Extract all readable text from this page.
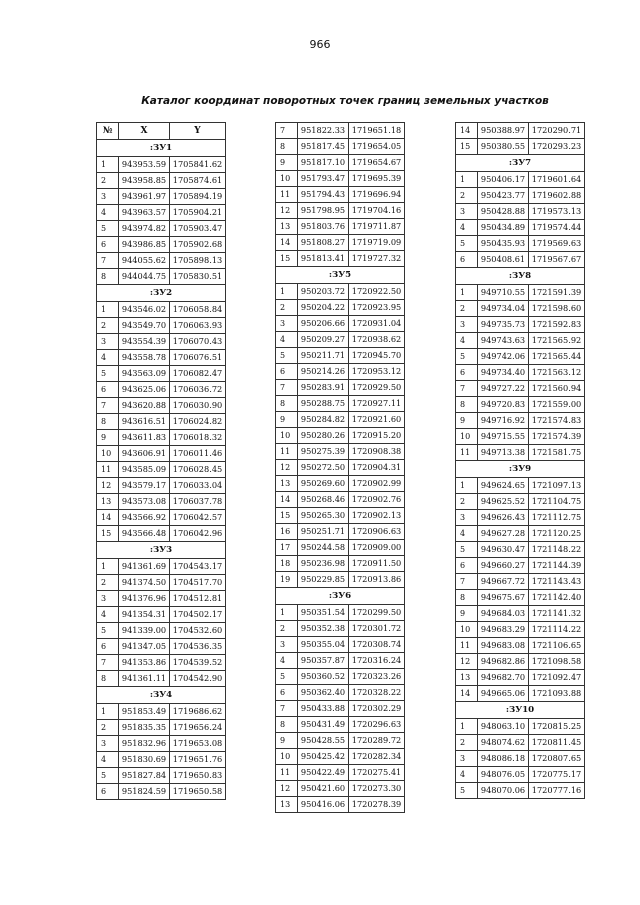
966
Каталог координат поворотных точек границ земельных участков
№	X	Y
:ЗУ1		
1	943953.59	1705841.62
2	943958.85	1705874.61
3	943961.97	1705894.19
4	943963.57	1705904.21
5	943974.82	1705903.47
6	943986.85	1705902.68
7	944055.62	1705898.13
8	944044.75	1705830.51
:ЗУ2		
1	943546.02	1706058.84
2	943549.70	1706063.93
3	943554.39	1706070.43
4	943558.78	1706076.51
5	943563.09	1706082.47
6	943625.06	1706036.72
7	943620.88	1706030.90
8	943616.51	1706024.82
9	943611.83	1706018.32
10	943606.91	1706011.46
11	943585.09	1706028.45
12	943579.17	1706033.04
13	943573.08	1706037.78
14	943566.92	1706042.57
15	943566.48	1706042.96
:ЗУ3		
1	941361.69	1704543.17
2	941374.50	1704517.70
3	941376.96	1704512.81
4	941354.31	1704502.17
5	941339.00	1704532.60
6	941347.05	1704536.35
7	941353.86	1704539.52
8	941361.11	1704542.90
:ЗУ4		
1	951853.49	1719686.62
2	951835.35	1719656.24
3	951832.96	1719653.08
4	951830.69	1719651.76
5	951827.84	1719650.83
6	951824.59	1719650.58
7	951822.33	1719651.18
8	951817.45	1719654.05
9	951817.10	1719654.67
10	951793.47	1719695.39
11	951794.43	1719696.94
12	951798.95	1719704.16
13	951803.76	1719711.87
14	951808.27	1719719.09
15	951813.41	1719727.32
:ЗУ5		
1	950203.72	1720922.50
2	950204.22	1720923.95
3	950206.66	1720931.04
4	950209.27	1720938.62
5	950211.71	1720945.70
6	950214.26	1720953.12
7	950283.91	1720929.50
8	950288.75	1720927.11
9	950284.82	1720921.60
10	950280.26	1720915.20
11	950275.39	1720908.38
12	950272.50	1720904.31
13	950269.60	1720902.99
14	950268.46	1720902.76
15	950265.30	1720902.13
16	950251.71	1720906.63
17	950244.58	1720909.00
18	950236.98	1720911.50
19	950229.85	1720913.86
:ЗУ6		
1	950351.54	1720299.50
2	950352.38	1720301.72
3	950355.04	1720308.74
4	950357.87	1720316.24
5	950360.52	1720323.26
6	950362.40	1720328.22
7	950433.88	1720302.29
8	950431.49	1720296.63
9	950428.55	1720289.72
10	950425.42	1720282.34
11	950422.49	1720275.41
12	950421.60	1720273.30
13	950416.06	1720278.39
14	950388.97	1720290.71
15	950380.55	1720293.23
:ЗУ7		
1	950406.17	1719601.64
2	950423.77	1719602.88
3	950428.88	1719573.13
4	950434.89	1719574.44
5	950435.93	1719569.63
6	950408.61	1719567.67
:ЗУ8		
1	949710.55	1721591.39
2	949734.04	1721598.60
3	949735.73	1721592.83
4	949743.63	1721565.92
5	949742.06	1721565.44
6	949734.40	1721563.12
7	949727.22	1721560.94
8	949720.83	1721559.00
9	949716.92	1721574.83
10	949715.55	1721574.39
11	949713.38	1721581.75
:ЗУ9		
1	949624.65	1721097.13
2	949625.52	1721104.75
3	949626.43	1721112.75
4	949627.28	1721120.25
5	949630.47	1721148.22
6	949660.27	1721144.39
7	949667.72	1721143.43
8	949675.67	1721142.40
9	949684.03	1721141.32
10	949683.29	1721114.22
11	949683.08	1721106.65
12	949682.86	1721098.58
13	949682.70	1721092.47
14	949665.06	1721093.88
:ЗУ10		
1	948063.10	1720815.25
2	948074.62	1720811.45
3	948086.18	1720807.65
4	948076.05	1720775.17
5	948070.06	1720777.16
